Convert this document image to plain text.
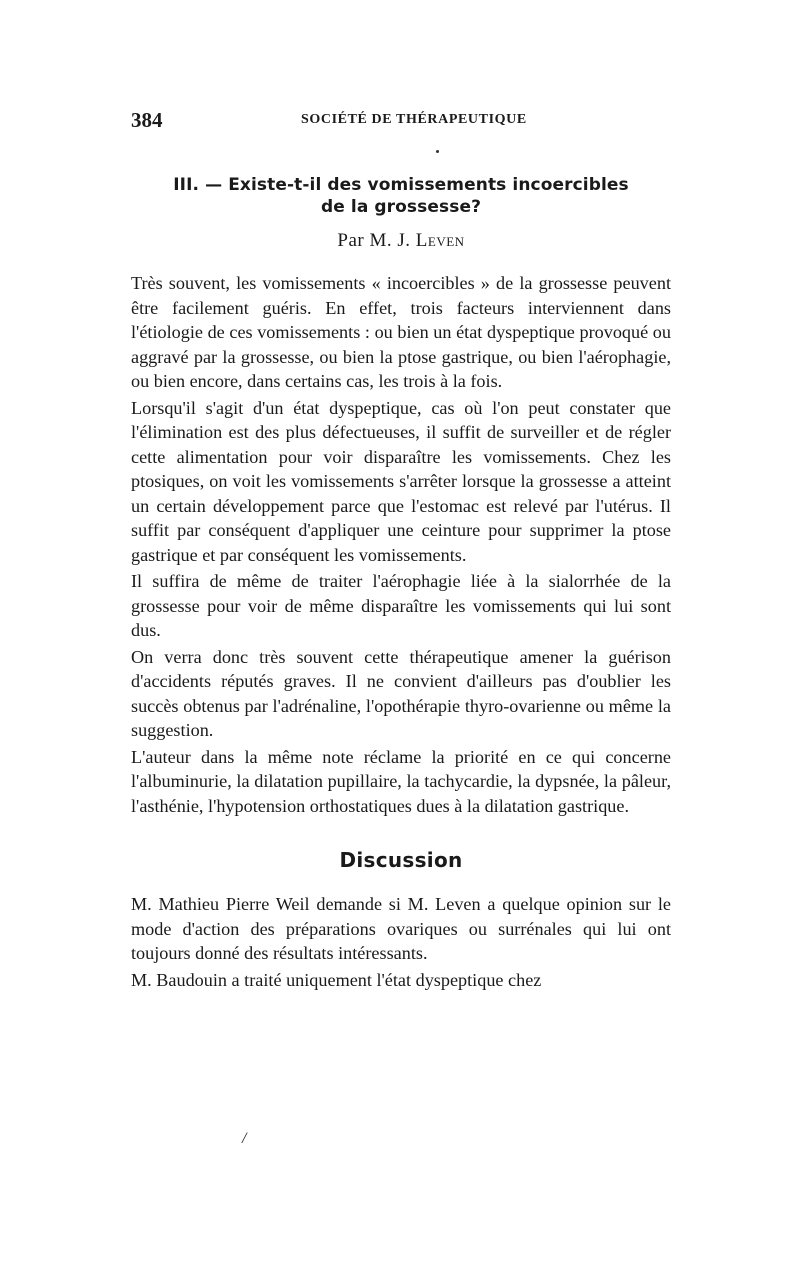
384	SOCIÉTÉ DE THÉRAPEUTIQUE
III. — Existe-t-il des vomissements incoercibles
de la grossesse?
Par M. J. Leven

Très souvent, les vomissements « incoercibles » de la grossesse peuvent être facilement guéris. En effet, trois facteurs interviennent dans l'étiologie de ces vomissements : ou bien un état dyspeptique provoqué ou aggravé par la grossesse, ou bien la ptose gastrique, ou bien l'aérophagie, ou bien encore, dans certains cas, les trois à la fois.

Lorsqu'il s'agit d'un état dyspeptique, cas où l'on peut constater que l'élimination est des plus défectueuses, il suffit de surveiller et de régler cette alimentation pour voir disparaître les vomissements. Chez les ptosiques, on voit les vomissements s'arrêter lorsque la grossesse a atteint un certain développement parce que l'estomac est relevé par l'utérus. Il suffit par conséquent d'appliquer une ceinture pour supprimer la ptose gastrique et par conséquent les vomissements.

Il suffira de même de traiter l'aérophagie liée à la sialorrhée de la grossesse pour voir de même disparaître les vomissements qui lui sont dus.

On verra donc très souvent cette thérapeutique amener la guérison d'accidents réputés graves. Il ne convient d'ailleurs pas d'oublier les succès obtenus par l'adrénaline, l'opothérapie thyro-ovarienne ou même la suggestion.

L'auteur dans la même note réclame la priorité en ce qui concerne l'albuminurie, la dilatation pupillaire, la tachycardie, la dypsnée, la pâleur, l'asthénie, l'hypotension orthostatiques dues à la dilatation gastrique.

Discussion

M. Mathieu Pierre Weil demande si M. Leven a quelque opinion sur le mode d'action des préparations ovariques ou surrénales qui lui ont toujours donné des résultats intéressants.

M. Baudouin a traité uniquement l'état dyspeptique chez

/
